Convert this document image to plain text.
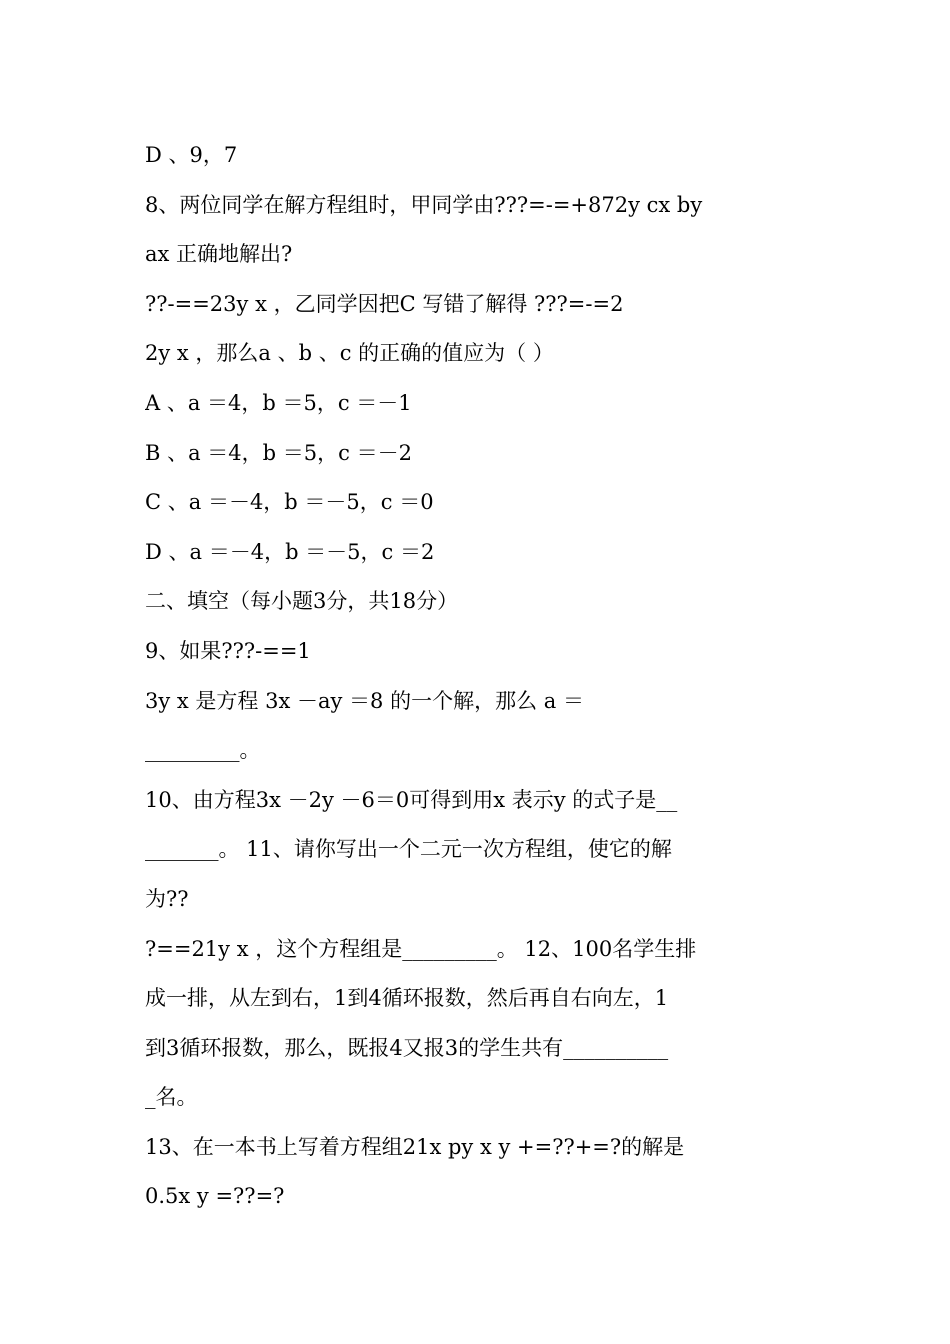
D 、9，7
8、两位同学在解方程组时，甲同学由???=-=+872y cx by
ax 正确地解出?
??-==23y x ，乙同学因把C 写错了解得 ???=-=2
2y x ，那么a 、b 、c 的正确的值应为（ ）
A 、a ＝4，b ＝5，c ＝－1
B 、a ＝4，b ＝5，c ＝－2
C 、a ＝－4，b ＝－5，c ＝0
D 、a ＝－4，b ＝－5，c ＝2
二、填空（每小题3分，共18分）
9、如果???-==1
3y x 是方程 3x －ay ＝8 的一个解，那么 a ＝
_________。
10、由方程3x －2y －6＝0可得到用x 表示y 的式子是__
_______。 11、请你写出一个二元一次方程组，使它的解
为??
?==21y x ，这个方程组是_________。 12、100名学生排
成一排，从左到右，1到4循环报数，然后再自右向左，1
到3循环报数，那么，既报4又报3的学生共有__________
_名。
13、在一本书上写着方程组21x py x y +=??+=?的解是
0.5x y =??=?
